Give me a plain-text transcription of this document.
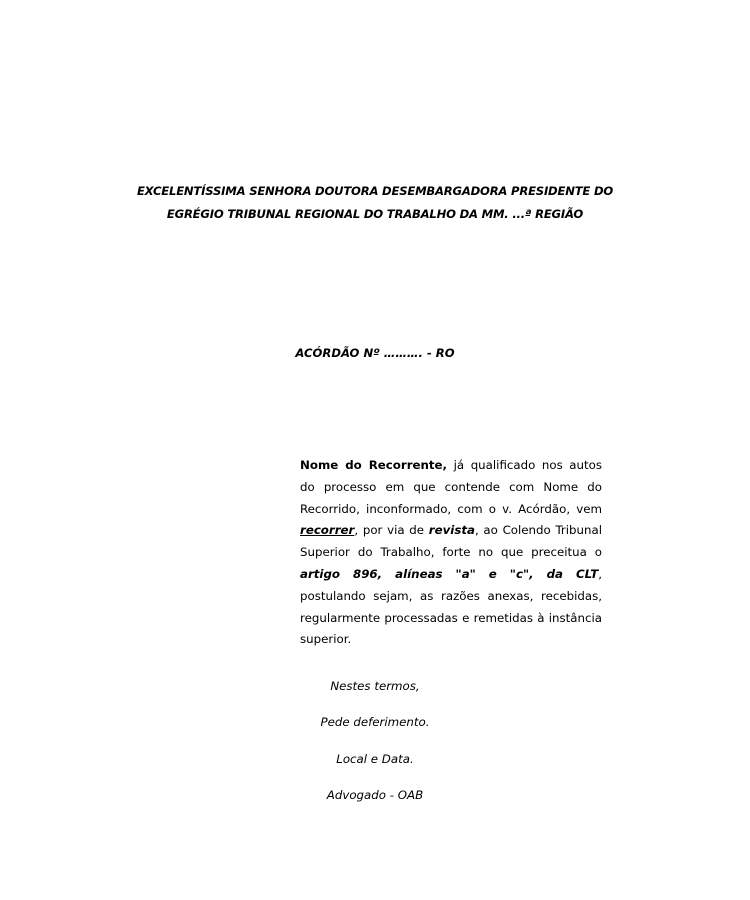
EXCELENTÍSSIMA SENHORA DOUTORA DESEMBARGADORA PRESIDENTE DO
EGRÉGIO TRIBUNAL REGIONAL DO TRABALHO DA MM. ...ª REGIÃO
ACÓRDÃO Nº ………. - RO
Nome do Recorrente, já qualificado nos autos do processo em que contende com Nome do Recorrido, inconformado, com o v. Acórdão, vem recorrer, por via de revista, ao Colendo Tribunal Superior do Trabalho, forte no que preceitua o artigo 896, alíneas "a" e "c", da CLT, postulando sejam, as razões anexas, recebidas, regularmente processadas e remetidas à instância superior.
Nestes termos,
Pede deferimento.
Local e Data.
Advogado - OAB
